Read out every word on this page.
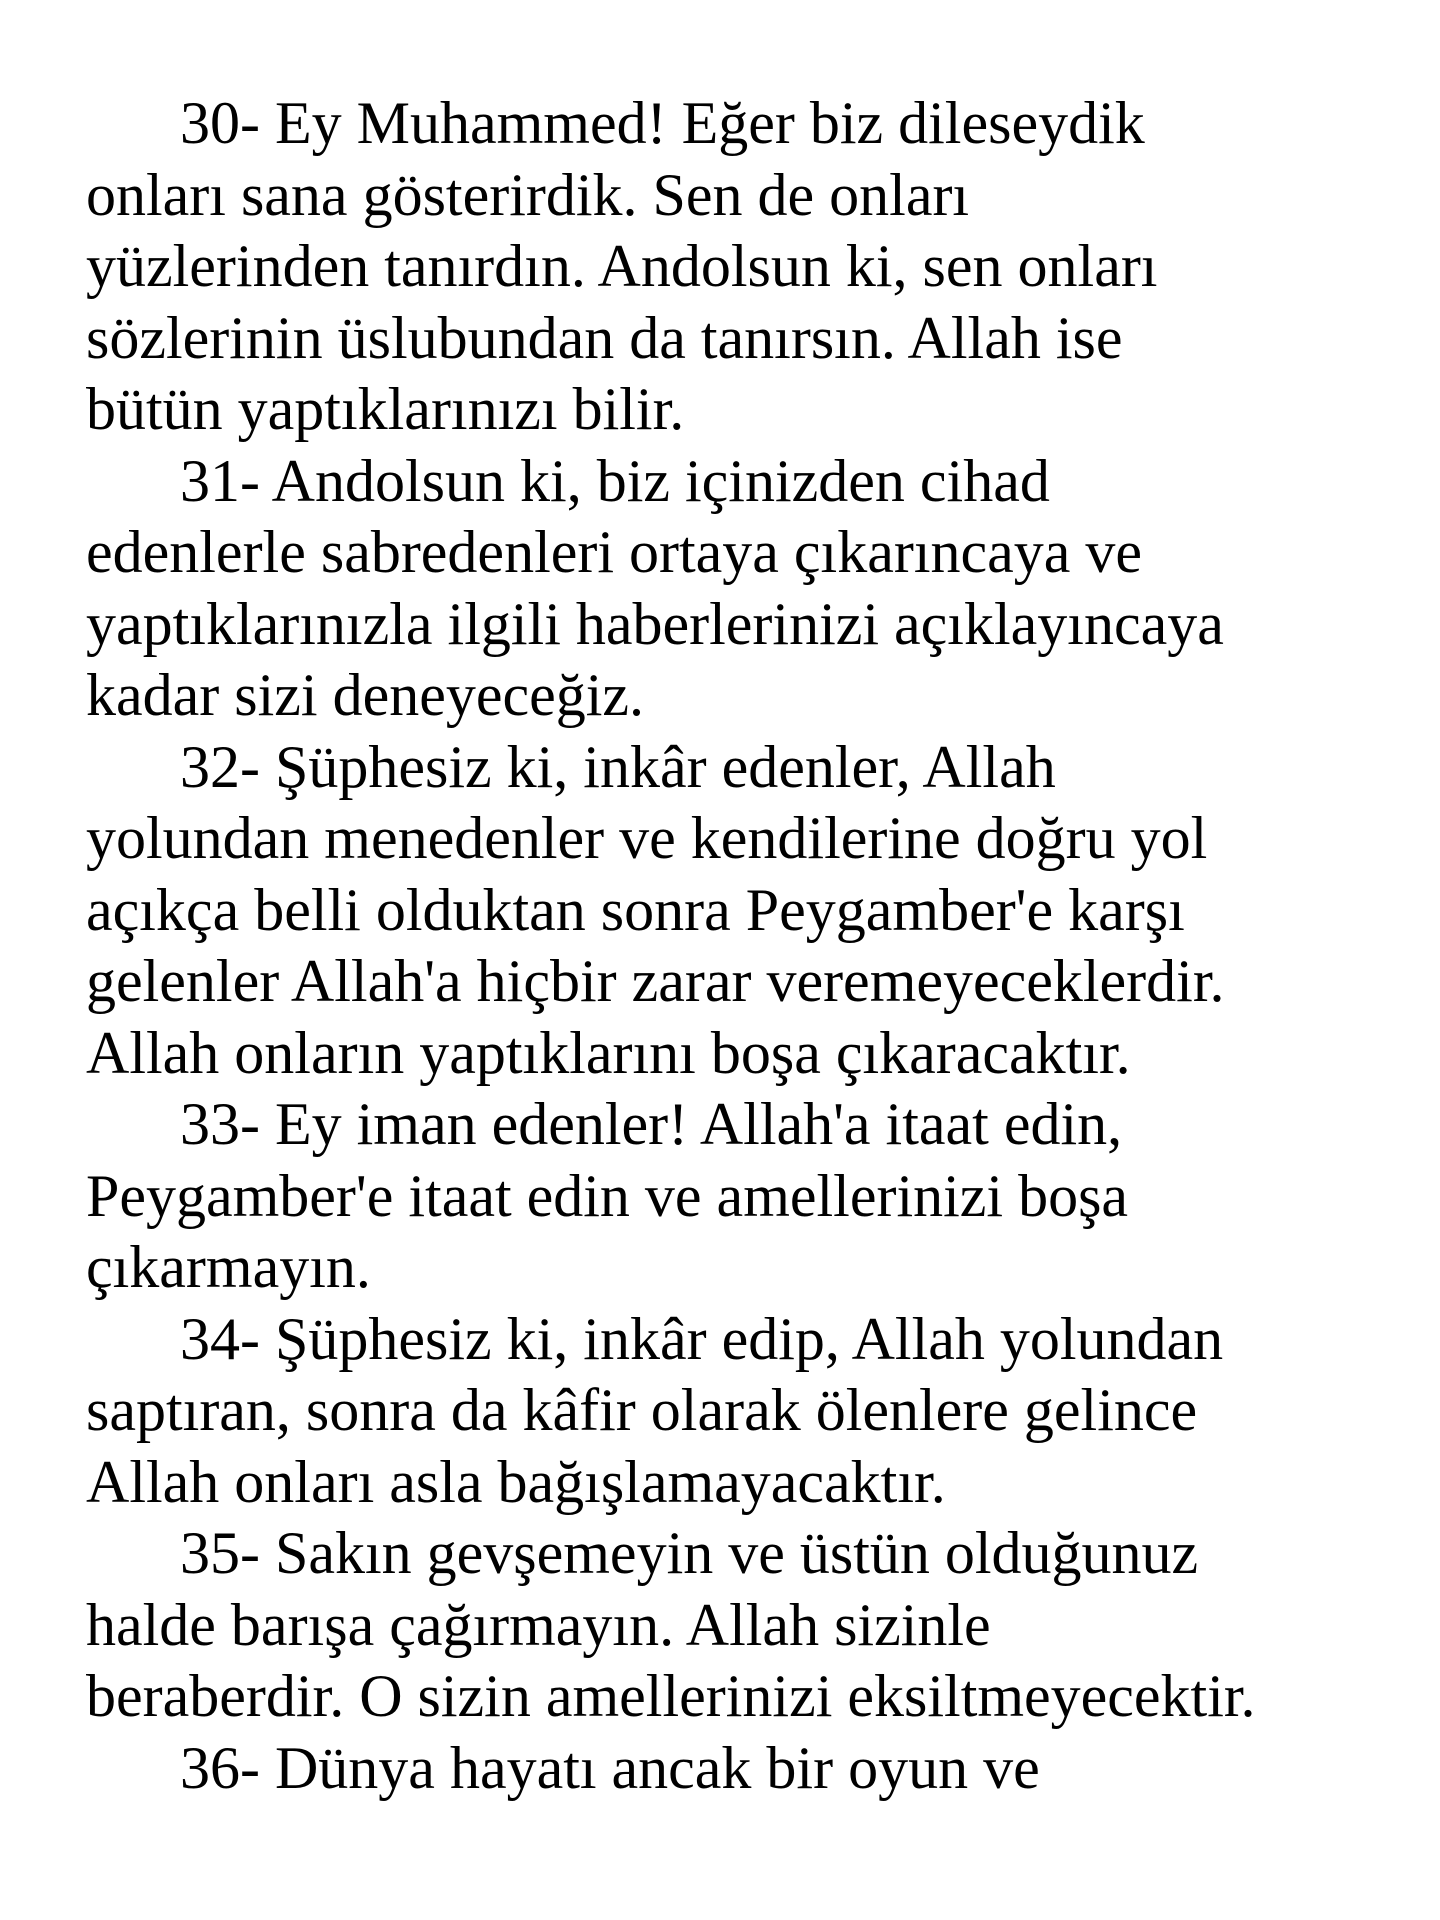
30- Ey Muhammed! Eğer biz dileseydik
onları sana gösterirdik. Sen de onları
yüzlerinden tanırdın. Andolsun ki, sen onları
sözlerinin üslubundan da tanırsın. Allah ise
bütün yaptıklarınızı bilir.

31- Andolsun ki, biz içinizden cihad
edenlerle sabredenleri ortaya çıkarıncaya ve
yaptıklarınızla ilgili haberlerinizi açıklayıncaya
kadar sizi deneyeceğiz.

32- Şüphesiz ki, inkâr edenler, Allah
yolundan menedenler ve kendilerine doğru yol
açıkça belli olduktan sonra Peygamber'e karşı
gelenler Allah'a hiçbir zarar veremeyeceklerdir.
Allah onların yaptıklarını boşa çıkaracaktır.

33- Ey iman edenler! Allah'a itaat edin,
Peygamber'e itaat edin ve amellerinizi boşa
çıkarmayın.

34- Şüphesiz ki, inkâr edip, Allah yolundan
saptıran, sonra da kâfir olarak ölenlere gelince
Allah onları asla bağışlamayacaktır.

35- Sakın gevşemeyin ve üstün olduğunuz
halde barışa çağırmayın. Allah sizinle
beraberdir. O sizin amellerinizi eksiltmeyecektir.

36- Dünya hayatı ancak bir oyun ve
